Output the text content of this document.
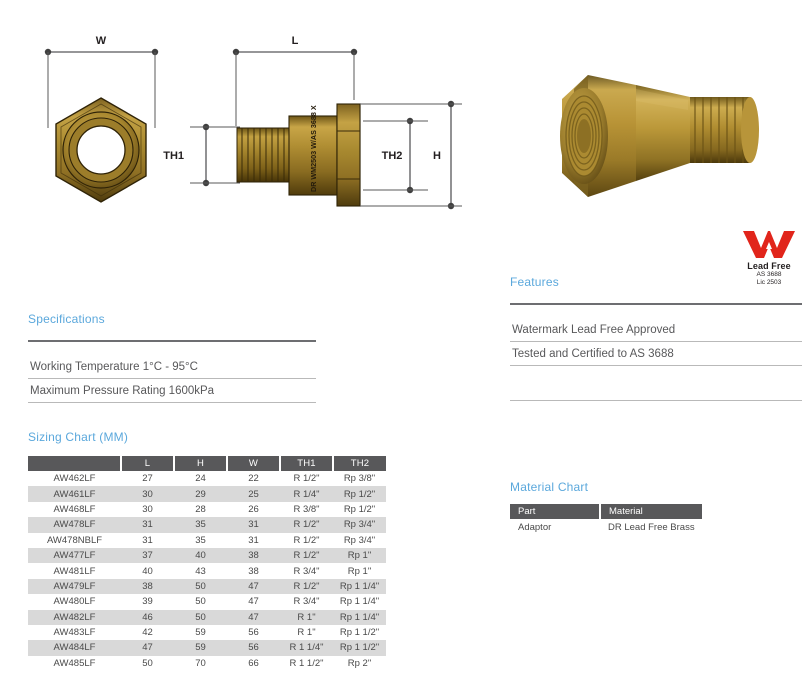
W	L
TH1	DR WM2503 W/AS 3688 X	TH2	H
Lead Free
AS 3688
Lic 2503
Specifications
Working Temperature 1°C - 95°C
Maximum Pressure Rating 1600kPa
Features
Watermark Lead Free Approved
Tested and Certified to AS 3688
Sizing Chart (MM)
	L	H	W	TH1	TH2
AW462LF	27	24	22	R 1/2"	Rp 3/8"
AW461LF	30	29	25	R 1/4"	Rp 1/2"
AW468LF	30	28	26	R 3/8"	Rp 1/2"
AW478LF	31	35	31	R 1/2"	Rp 3/4"
AW478NBLF	31	35	31	R 1/2"	Rp 3/4"
AW477LF	37	40	38	R 1/2"	Rp 1"
AW481LF	40	43	38	R 3/4"	Rp 1"
AW479LF	38	50	47	R 1/2"	Rp 1 1/4"
AW480LF	39	50	47	R 3/4"	Rp 1 1/4"
AW482LF	46	50	47	R 1"	Rp 1 1/4"
AW483LF	42	59	56	R 1"	Rp 1 1/2"
AW484LF	47	59	56	R 1 1/4"	Rp 1 1/2"
AW485LF	50	70	66	R 1 1/2"	Rp 2"
Material Chart
Part	Material
Adaptor	DR Lead Free Brass
